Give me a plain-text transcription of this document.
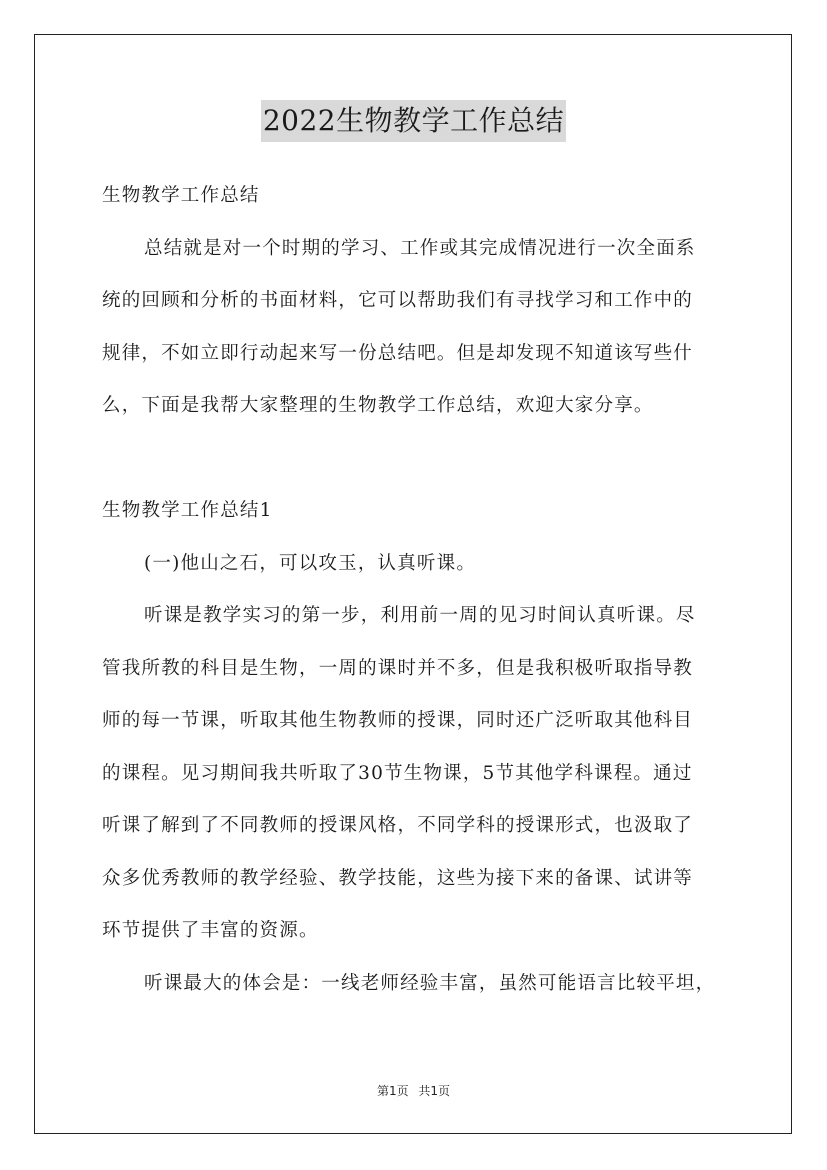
2022生物教学工作总结
生物教学工作总结
总结就是对一个时期的学习、工作或其完成情况进行一次全面系
统的回顾和分析的书面材料，它可以帮助我们有寻找学习和工作中的
规律，不如立即行动起来写一份总结吧。但是却发现不知道该写些什
么，下面是我帮大家整理的生物教学工作总结，欢迎大家分享。
生物教学工作总结1
(一)他山之石，可以攻玉，认真听课。
听课是教学实习的第一步，利用前一周的见习时间认真听课。尽
管我所教的科目是生物，一周的课时并不多，但是我积极听取指导教
师的每一节课，听取其他生物教师的授课，同时还广泛听取其他科目
的课程。见习期间我共听取了30节生物课，5节其他学科课程。通过
听课了解到了不同教师的授课风格，不同学科的授课形式，也汲取了
众多优秀教师的教学经验、教学技能，这些为接下来的备课、试讲等
环节提供了丰富的资源。
听课最大的体会是：一线老师经验丰富，虽然可能语言比较平坦，
第1页 共1页
